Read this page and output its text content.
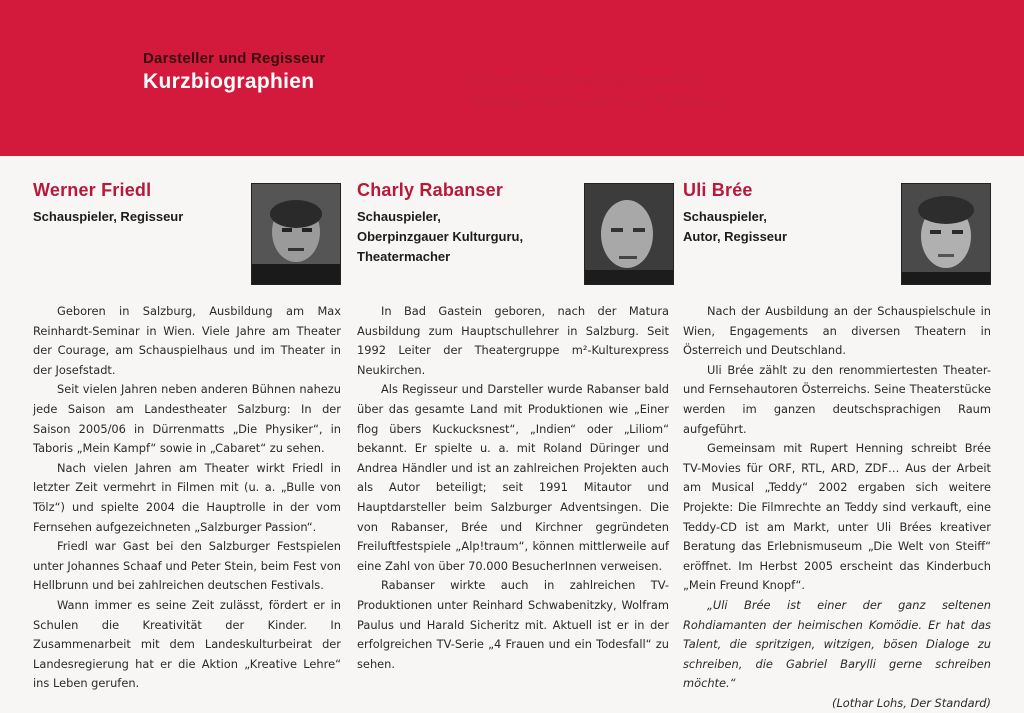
Darsteller und Regisseur
Kurzbiographien	Interview mit den Schauspielern
Werner Friedl und Charly Rabanser
Werner Friedl
Schauspieler, Regisseur

Geboren in Salzburg, Ausbildung am Max Reinhardt-Seminar in Wien. Viele Jahre am Theater der Courage, am Schauspielhaus und im Theater in der Josefstadt.

Seit vielen Jahren neben anderen Bühnen nahezu jede Saison am Landestheater Salzburg: In der Saison 2005/06 in Dürrenmatts „Die Physiker“, in Taboris „Mein Kampf“ sowie in „Cabaret“ zu sehen.

Nach vielen Jahren am Theater wirkt Friedl in letzter Zeit vermehrt in Filmen mit (u. a. „Bulle von Tölz“) und spielte 2004 die Hauptrolle in der vom Fernsehen aufgezeichneten „Salzburger Passion“.

Friedl war Gast bei den Salzburger Festspielen unter Johannes Schaaf und Peter Stein, beim Fest von Hellbrunn und bei zahlreichen deutschen Festivals.

Wann immer es seine Zeit zulässt, fördert er in Schulen die Kreativität der Kinder. In Zusammenarbeit mit dem Landeskulturbeirat der Landesregierung hat er die Aktion „Kreative Lehre“ ins Leben gerufen.

Charly Rabanser
Schauspieler,
Oberpinzgauer Kulturguru,
Theatermacher

In Bad Gastein geboren, nach der Matura Ausbildung zum Hauptschullehrer in Salzburg. Seit 1992 Leiter der Theatergruppe m²-Kulturexpress Neukirchen.

Als Regisseur und Darsteller wurde Rabanser bald über das gesamte Land mit Produktionen wie „Einer flog übers Kuckucksnest“, „Indien“ oder „Liliom“ bekannt. Er spielte u. a. mit Roland Düringer und Andrea Händler und ist an zahlreichen Projekten auch als Autor beteiligt; seit 1991 Mitautor und Hauptdarsteller beim Salzburger Adventsingen. Die von Rabanser, Brée und Kirchner gegründeten Freiluftfestspiele „Alp!traum“, können mittlerweile auf eine Zahl von über 70.000 BesucherInnen verweisen.

Rabanser wirkte auch in zahlreichen TV-Produktionen unter Reinhard Schwabenitzky, Wolfram Paulus und Harald Sicheritz mit. Aktuell ist er in der erfolgreichen TV-Serie „4 Frauen und ein Todesfall“ zu sehen.

Uli Brée
Schauspieler,
Autor, Regisseur

Nach der Ausbildung an der Schauspielschule in Wien, Engagements an diversen Theatern in Österreich und Deutschland.

Uli Brée zählt zu den renommiertesten Theater- und Fernsehautoren Österreichs. Seine Theaterstücke werden im ganzen deutschsprachigen Raum aufgeführt.

Gemeinsam mit Rupert Henning schreibt Brée TV-Movies für ORF, RTL, ARD, ZDF… Aus der Arbeit am Musical „Teddy“ 2002 ergaben sich weitere Projekte: Die Filmrechte an Teddy sind verkauft, eine Teddy-CD ist am Markt, unter Uli Brées kreativer Beratung das Erlebnismuseum „Die Welt von Steiff“ eröffnet. Im Herbst 2005 erscheint das Kinderbuch „Mein Freund Knopf“.

„Uli Brée ist einer der ganz seltenen Rohdiamanten der heimischen Komödie. Er hat das Talent, die spritzigen, witzigen, bösen Dialoge zu schreiben, die Gabriel Barylli gerne schreiben möchte.“

(Lothar Lohs, Der Standard)
